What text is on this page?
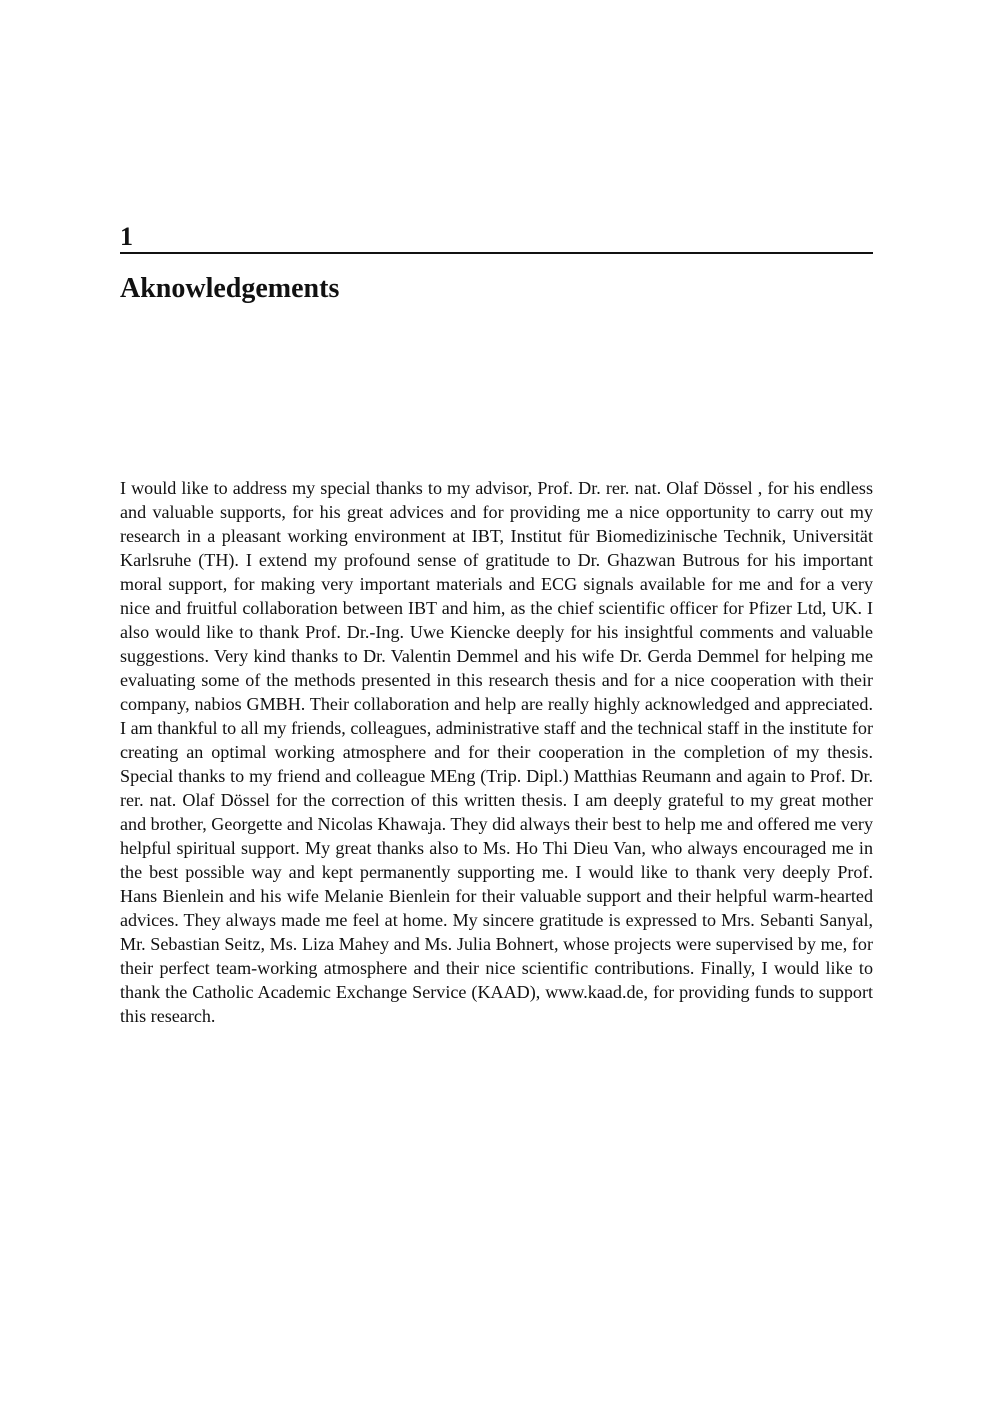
1
Aknowledgements

I would like to address my special thanks to my advisor, Prof. Dr. rer. nat. Olaf Dössel , for his endless and valuable supports, for his great advices and for providing me a nice opportunity to carry out my research in a pleasant working environment at IBT, Institut für Biomedizinische Technik, Universität Karlsruhe (TH). I extend my profound sense of gratitude to Dr. Ghazwan Butrous for his important moral support, for making very important materials and ECG signals available for me and for a very nice and fruitful collaboration between IBT and him, as the chief scientific officer for Pfizer Ltd, UK. I also would like to thank Prof. Dr.-Ing. Uwe Kiencke deeply for his insightful comments and valuable suggestions. Very kind thanks to Dr. Valentin Demmel and his wife Dr. Gerda Demmel for helping me evaluating some of the methods presented in this research thesis and for a nice cooperation with their company, nabios GMBH. Their collaboration and help are really highly acknowledged and appreciated. I am thankful to all my friends, colleagues, administrative staff and the technical staff in the institute for creating an optimal working atmosphere and for their cooperation in the completion of my thesis. Special thanks to my friend and colleague MEng (Trip. Dipl.) Matthias Reumann and again to Prof. Dr. rer. nat. Olaf Dössel for the correction of this written thesis. I am deeply grateful to my great mother and brother, Georgette and Nicolas Khawaja. They did always their best to help me and offered me very helpful spiritual support. My great thanks also to Ms. Ho Thi Dieu Van, who always encouraged me in the best possible way and kept permanently supporting me. I would like to thank very deeply Prof. Hans Bienlein and his wife Melanie Bienlein for their valuable support and their helpful warm-hearted advices. They always made me feel at home. My sincere gratitude is expressed to Mrs. Sebanti Sanyal, Mr. Sebastian Seitz, Ms. Liza Mahey and Ms. Julia Bohnert, whose projects were supervised by me, for their perfect team-working atmosphere and their nice scientific contributions. Finally, I would like to thank the Catholic Academic Exchange Service (KAAD), www.kaad.de, for providing funds to support this research.
